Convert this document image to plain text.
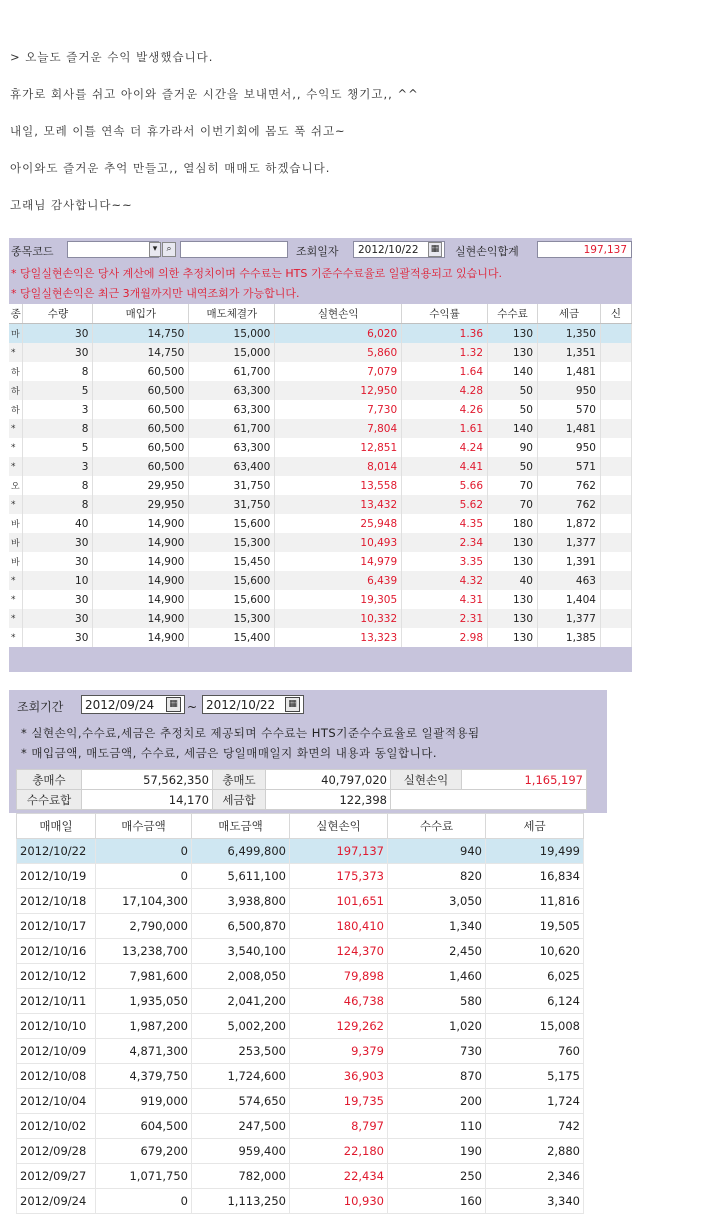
> 오늘도 즐거운 수익 발생했습니다.

휴가로 회사를 쉬고 아이와 즐거운 시간을 보내면서,, 수익도 챙기고,, ^^

내일, 모레 이틀 연속 더 휴가라서 이번기회에 몸도 푹 쉬고~

아이와도 즐거운 추억 만들고,, 열심히 매매도 하겠습니다.

고래님 감사합니다~~

종목코드	▾	⌕	조회일자	2012/10/22	▦ 실현손익합계	197,137
* 당일실현손익은 당사 계산에 의한 추정치이며 수수료는 HTS 기준수수료율로 일괄적용되고 있습니다.
* 당일실현손익은 최근 3개월까지만 내역조회가 가능합니다.
종	수량	매입가	매도체결가	실현손익	수익률	수수료	세금	신
마	30	14,750	15,000	6,020	1.36	130	1,350	
*	30	14,750	15,000	5,860	1.32	130	1,351	
하	8	60,500	61,700	7,079	1.64	140	1,481	
하	5	60,500	63,300	12,950	4.28	50	950	
하	3	60,500	63,300	7,730	4.26	50	570	
*	8	60,500	61,700	7,804	1.61	140	1,481	
*	5	60,500	63,300	12,851	4.24	90	950	
*	3	60,500	63,400	8,014	4.41	50	571	
오	8	29,950	31,750	13,558	5.66	70	762	
*	8	29,950	31,750	13,432	5.62	70	762	
바	40	14,900	15,600	25,948	4.35	180	1,872	
바	30	14,900	15,300	10,493	2.34	130	1,377	
바	30	14,900	15,450	14,979	3.35	130	1,391	
*	10	14,900	15,600	6,439	4.32	40	463	
*	30	14,900	15,600	19,305	4.31	130	1,404	
*	30	14,900	15,300	10,332	2.31	130	1,377	
*	30	14,900	15,400	13,323	2.98	130	1,385	
조회기간	2012/09/24	▦ ~ 2012/10/22	▦
* 실현손익,수수료,세금은 추정치로 제공되며 수수료는 HTS기준수수료율로 일괄적용됨
* 매입금액, 매도금액, 수수료, 세금은 당일매매일지 화면의 내용과 동일합니다.
총매수	57,562,350	총매도	40,797,020	실현손익	1,165,197
수수료합	14,170	세금합	122,398		
매매일	매수금액	매도금액	실현손익	수수료	세금
2012/10/22	0	6,499,800	197,137	940	19,499
2012/10/19	0	5,611,100	175,373	820	16,834
2012/10/18	17,104,300	3,938,800	101,651	3,050	11,816
2012/10/17	2,790,000	6,500,870	180,410	1,340	19,505
2012/10/16	13,238,700	3,540,100	124,370	2,450	10,620
2012/10/12	7,981,600	2,008,050	79,898	1,460	6,025
2012/10/11	1,935,050	2,041,200	46,738	580	6,124
2012/10/10	1,987,200	5,002,200	129,262	1,020	15,008
2012/10/09	4,871,300	253,500	9,379	730	760
2012/10/08	4,379,750	1,724,600	36,903	870	5,175
2012/10/04	919,000	574,650	19,735	200	1,724
2012/10/02	604,500	247,500	8,797	110	742
2012/09/28	679,200	959,400	22,180	190	2,880
2012/09/27	1,071,750	782,000	22,434	250	2,346
2012/09/24	0	1,113,250	10,930	160	3,340
